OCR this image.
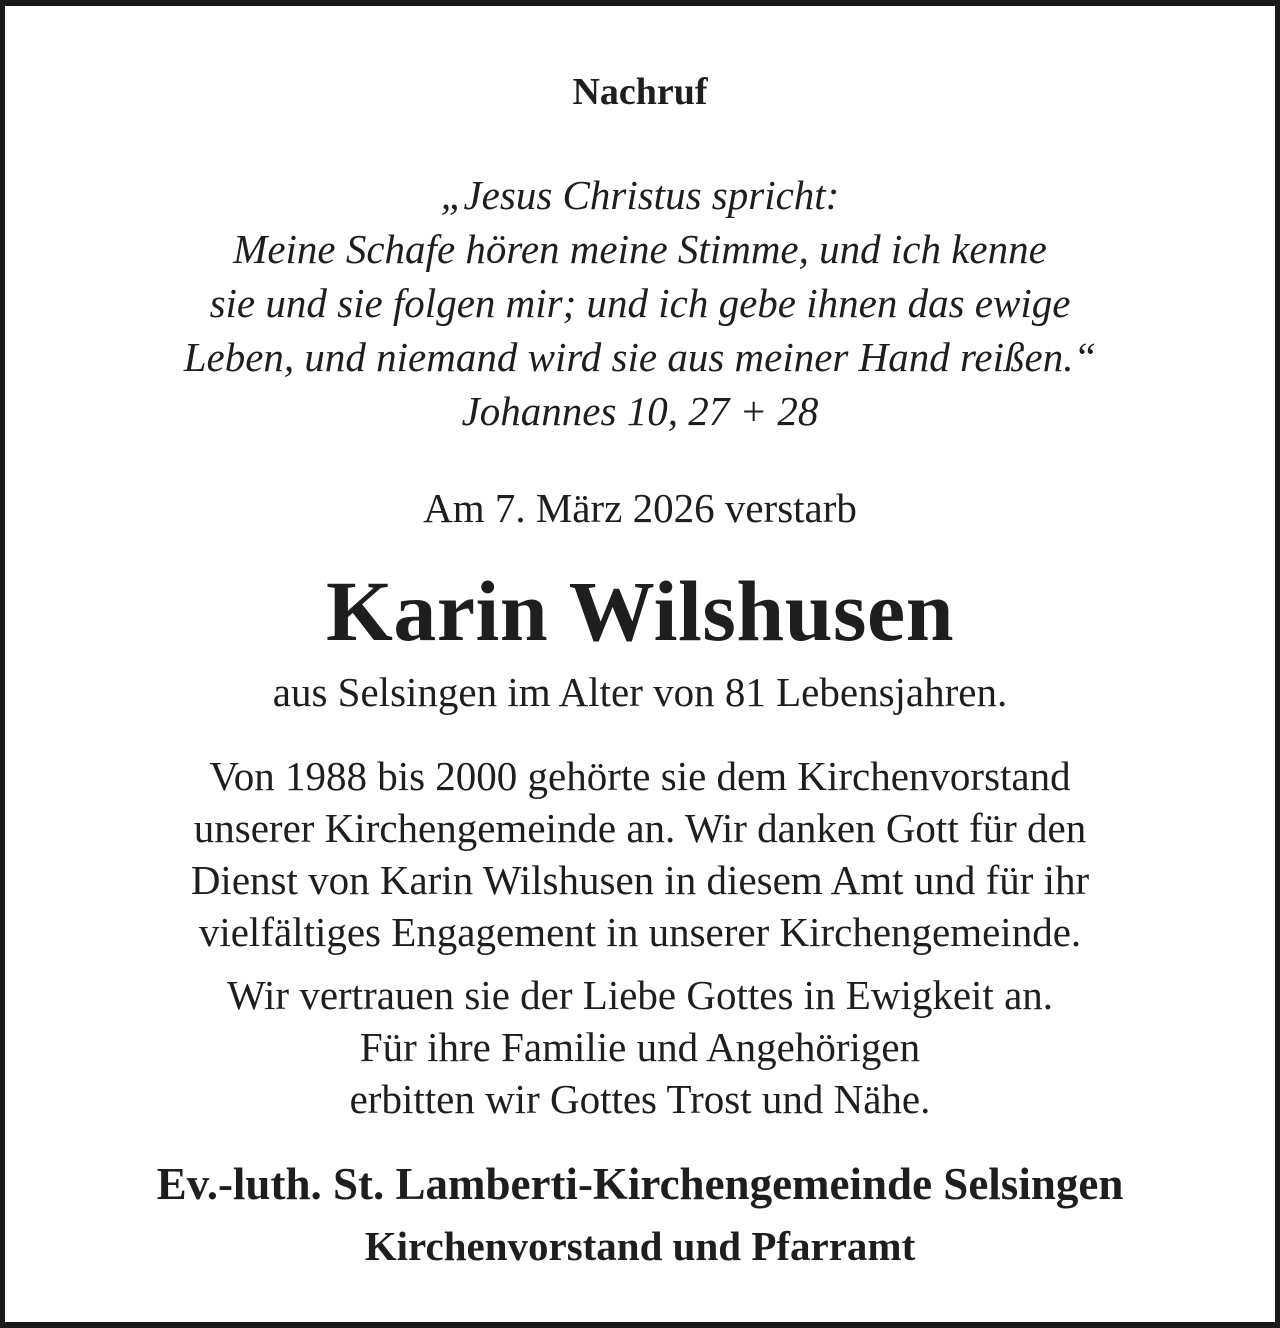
Nachruf

„Jesus Christus spricht:
Meine Schafe hören meine Stimme, und ich kenne
sie und sie folgen mir; und ich gebe ihnen das ewige
Leben, und niemand wird sie aus meiner Hand reißen.“
Johannes 10, 27 + 28

Am 7. März 2026 verstarb

Karin Wilshusen

aus Selsingen im Alter von 81 Lebensjahren.

Von 1988 bis 2000 gehörte sie dem Kirchenvorstand
unserer Kirchengemeinde an. Wir danken Gott für den
Dienst von Karin Wilshusen in diesem Amt und für ihr
vielfältiges Engagement in unserer Kirchengemeinde.
Wir vertrauen sie der Liebe Gottes in Ewigkeit an.
Für ihre Familie und Angehörigen
erbitten wir Gottes Trost und Nähe.

Ev.-luth. St. Lamberti-Kirchengemeinde Selsingen

Kirchenvorstand und Pfarramt
